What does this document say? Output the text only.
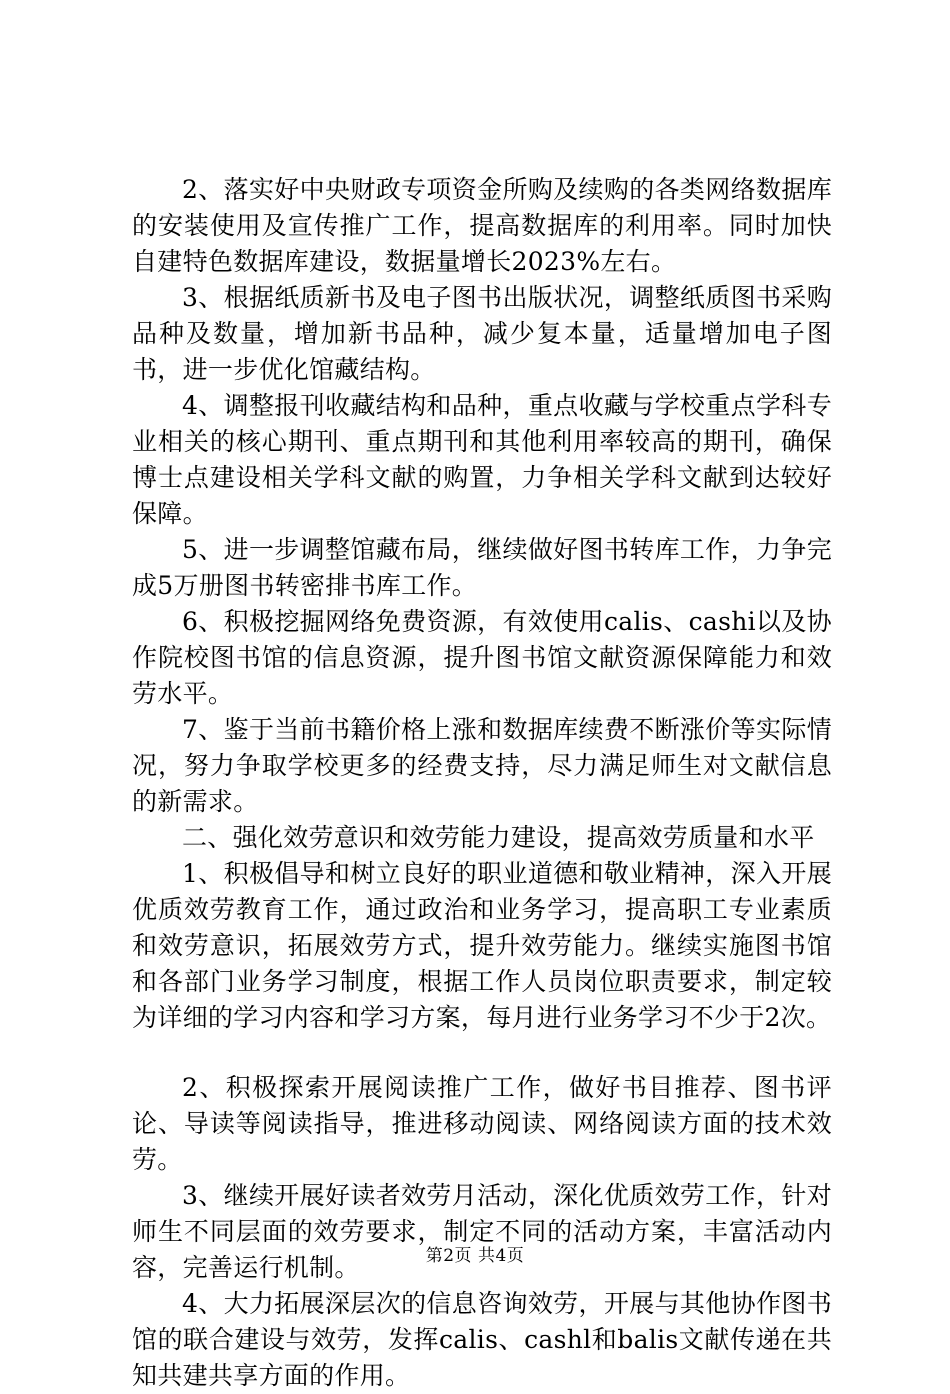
2、落实好中央财政专项资金所购及续购的各类网络数据库的安装使用及宣传推广工作，提高数据库的利用率。同时加快自建特色数据库建设，数据量增长2023%左右。

3、根据纸质新书及电子图书出版状况，调整纸质图书采购品种及数量，增加新书品种，减少复本量，适量增加电子图书，进一步优化馆藏结构。

4、调整报刊收藏结构和品种，重点收藏与学校重点学科专业相关的核心期刊、重点期刊和其他利用率较高的期刊，确保博士点建设相关学科文献的购置，力争相关学科文献到达较好保障。

5、进一步调整馆藏布局，继续做好图书转库工作，力争完成5万册图书转密排书库工作。

6、积极挖掘网络免费资源，有效使用calis、cashi以及协作院校图书馆的信息资源，提升图书馆文献资源保障能力和效劳水平。

7、鉴于当前书籍价格上涨和数据库续费不断涨价等实际情况，努力争取学校更多的经费支持，尽力满足师生对文献信息的新需求。

二、强化效劳意识和效劳能力建设，提高效劳质量和水平

1、积极倡导和树立良好的职业道德和敬业精神，深入开展优质效劳教育工作，通过政治和业务学习，提高职工专业素质和效劳意识，拓展效劳方式，提升效劳能力。继续实施图书馆和各部门业务学习制度，根据工作人员岗位职责要求，制定较为详细的学习内容和学习方案，每月进行业务学习不少于2次。

2、积极探索开展阅读推广工作，做好书目推荐、图书评论、导读等阅读指导，推进移动阅读、网络阅读方面的技术效劳。

3、继续开展好读者效劳月活动，深化优质效劳工作，针对师生不同层面的效劳要求，制定不同的活动方案，丰富活动内容，完善运行机制。

4、大力拓展深层次的信息咨询效劳，开展与其他协作图书馆的联合建设与效劳，发挥calis、cashl和balis文献传递在共知共建共享方面的作用。

第2页 共4页
